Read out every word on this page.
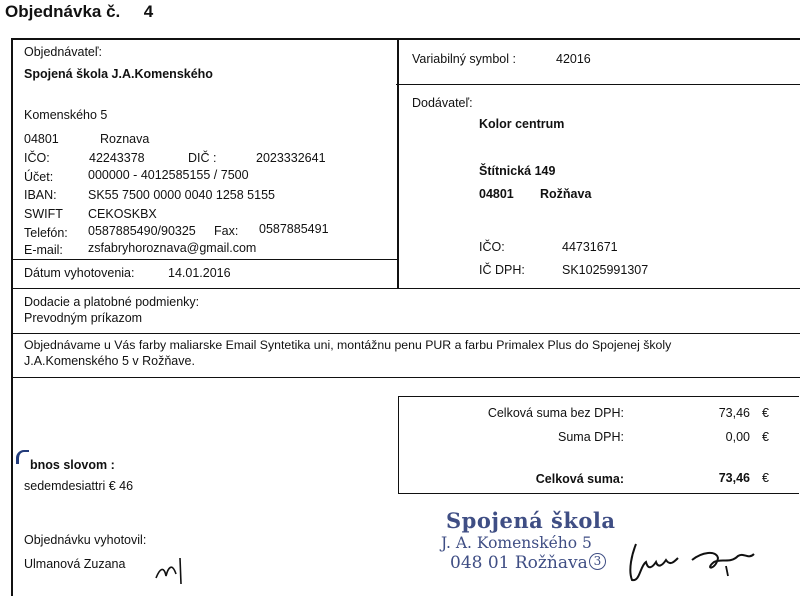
Objednávka č. 4
Objednávateľ:
Spojená škola J.A.Komenského
Komenského 5
04801	Roznava
IČO:	42243378	DIČ :	2023332641
Účet:	000000 - 4012585155 / 7500
IBAN:	SK55 7500 0000 0040 1258 5155
SWIFT CEKOSKBX
Telefón: 0587885490/90325 Fax: 0587885491
E-mail: zsfabryhoroznava@gmail.com
Dátum vyhotovenia:	14.01.2016
Variabilný symbol :	42016
Dodávateľ:
Kolor centrum
Štítnická 149
04801 Rožňava
IČO:	44731671
IČ DPH:	SK1025991307
Dodacie a platobné podmienky:
Prevodným príkazom
Objednávame u Vás farby maliarske Email Syntetika uni, montážnu penu PUR a farbu Primalex Plus do Spojenej školy
J.A.Komenského 5 v Rožňave.
Celková suma bez DPH:	73,46 €
Suma DPH:	0,00 €
Celková suma:	73,46 €
bnos slovom :
sedemdesiattri € 46
Objednávku vyhotovil:
Ulmanová Zuzana
Spojená škola
J. A. Komenského 5
048 01 Rožňava 3
